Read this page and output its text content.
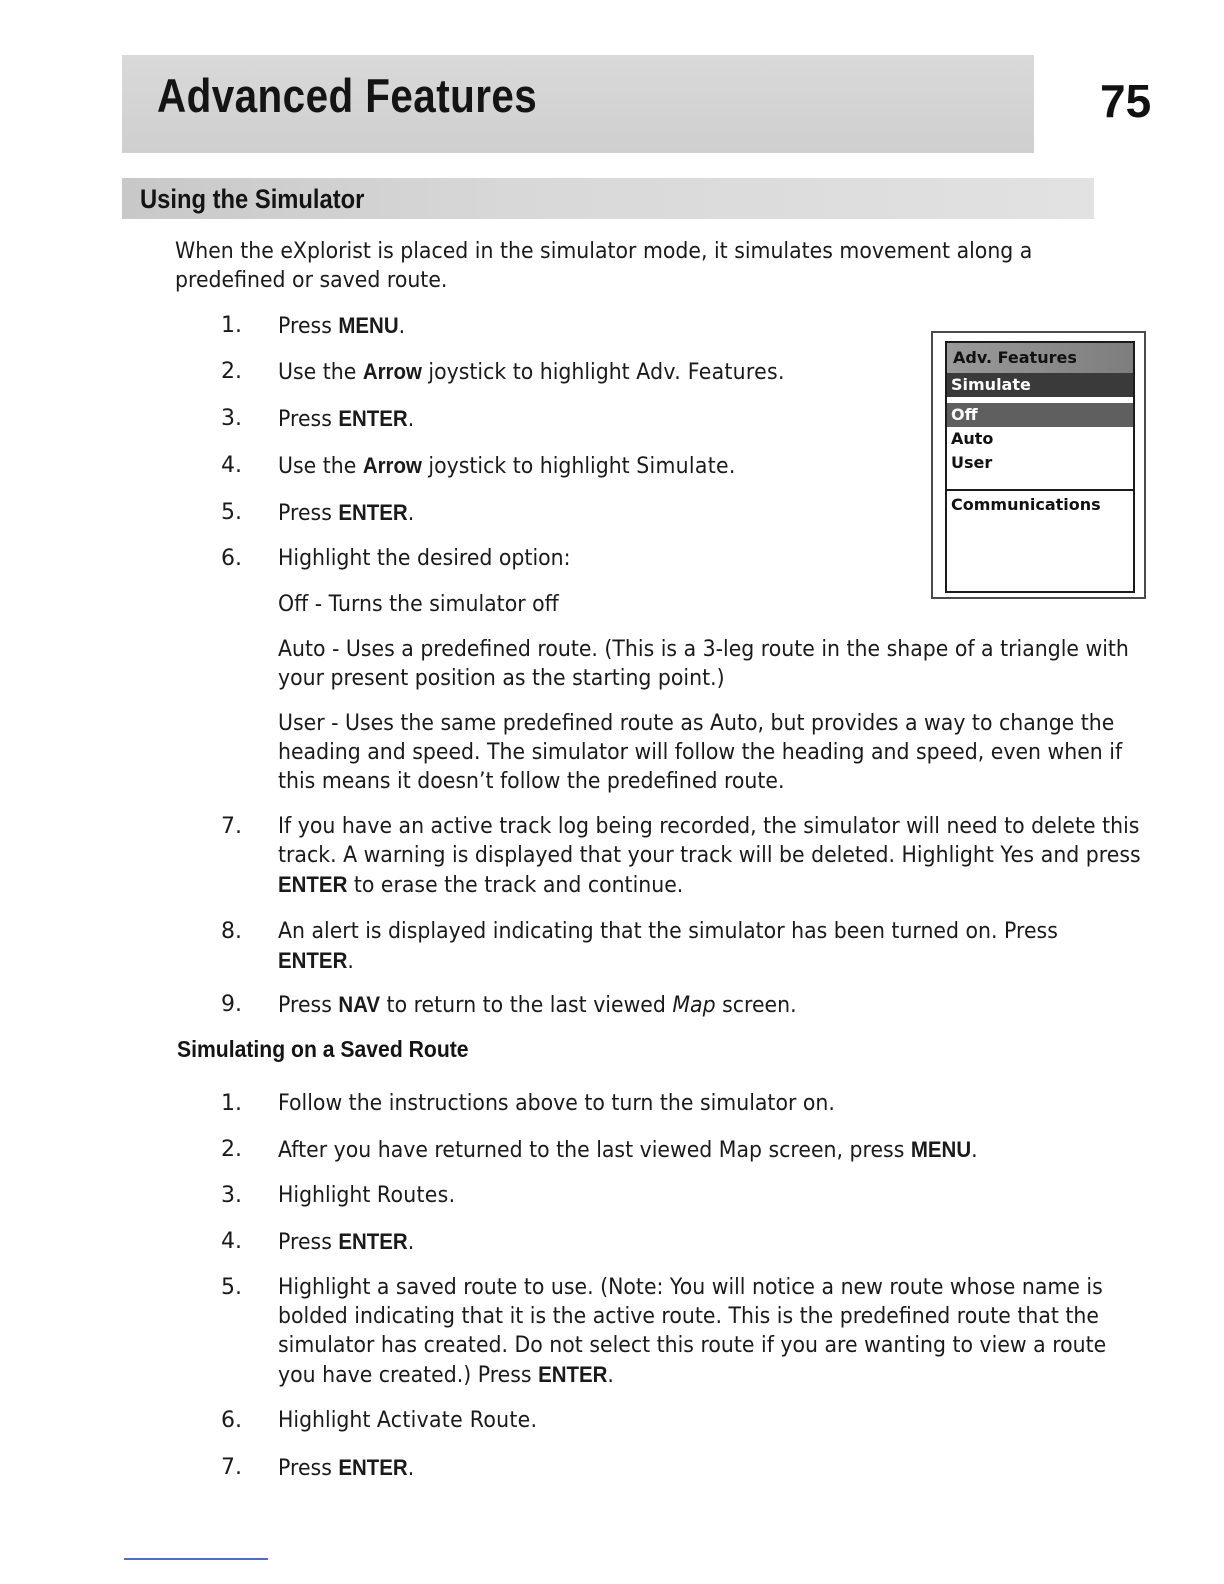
Advanced Features	75
Using the Simulator
When the eXplorist is placed in the simulator mode, it simulates movement along a predefined or saved route.
1. Press MENU.
2. Use the Arrow joystick to highlight Adv. Features.
3. Press ENTER.
4. Use the Arrow joystick to highlight Simulate.
5. Press ENTER.
6. Highlight the desired option:
Off - Turns the simulator off
Auto - Uses a predefined route. (This is a 3-leg route in the shape of a triangle with your present position as the starting point.)
User - Uses the same predefined route as Auto, but provides a way to change the heading and speed. The simulator will follow the heading and speed, even when if this means it doesn’t follow the predefined route.
7. If you have an active track log being recorded, the simulator will need to delete this track. A warning is displayed that your track will be deleted. Highlight Yes and press ENTER to erase the track and continue.
8. An alert is displayed indicating that the simulator has been turned on. Press ENTER.
9. Press NAV to return to the last viewed Map screen.
Adv. Features
Simulate
Off
Auto
User
Communications
Simulating on a Saved Route
1. Follow the instructions above to turn the simulator on.
2. After you have returned to the last viewed Map screen, press MENU.
3. Highlight Routes.
4. Press ENTER.
5. Highlight a saved route to use. (Note: You will notice a new route whose name is bolded indicating that it is the active route. This is the predefined route that the simulator has created. Do not select this route if you are wanting to view a route you have created.) Press ENTER.
6. Highlight Activate Route.
7. Press ENTER.
